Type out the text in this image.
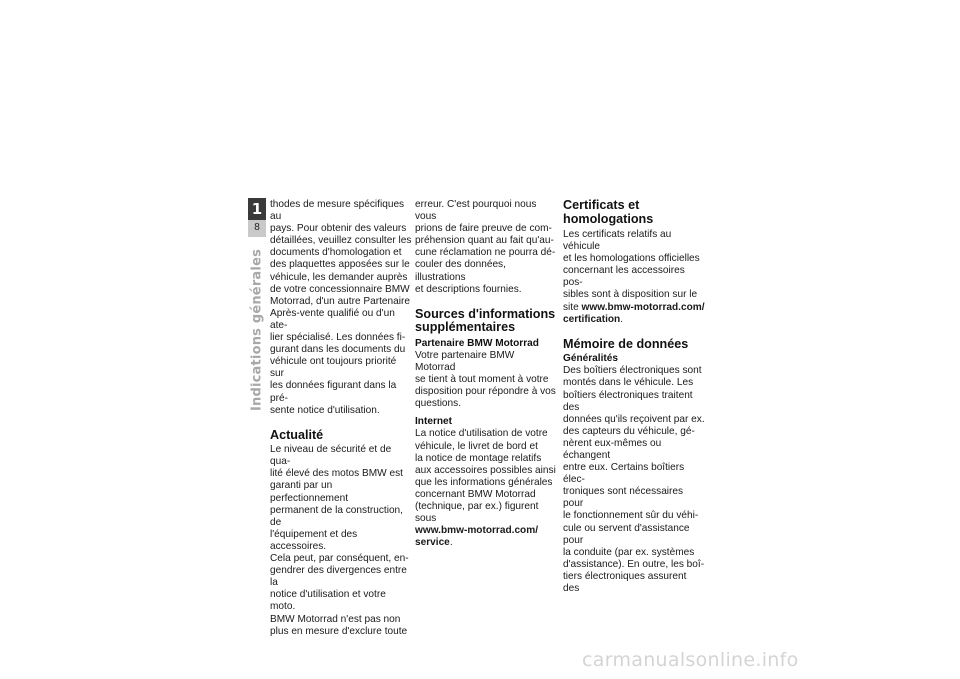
1
8
Indications générales

thodes de mesure spécifiques au
pays. Pour obtenir des valeurs
détaillées, veuillez consulter les
documents d'homologation et
des plaquettes apposées sur le
véhicule, les demander auprès
de votre concessionnaire BMW
Motorrad, d'un autre Partenaire
Après-vente qualifié ou d'un ate-
lier spécialisé. Les données fi-
gurant dans les documents du
véhicule ont toujours priorité sur
les données figurant dans la pré-
sente notice d'utilisation.

Actualité

Le niveau de sécurité et de qua-
lité élevé des motos BMW est
garanti par un perfectionnement
permanent de la construction, de
l'équipement et des accessoires.
Cela peut, par conséquent, en-
gendrer des divergences entre la
notice d'utilisation et votre moto.
BMW Motorrad n'est pas non
plus en mesure d'exclure toute

erreur. C'est pourquoi nous vous
prions de faire preuve de com-
préhension quant au fait qu'au-
cune réclamation ne pourra dé-
couler des données, illustrations
et descriptions fournies.

Sources d'informations
supplémentaires
Partenaire BMW Motorrad

Votre partenaire BMW Motorrad
se tient à tout moment à votre
disposition pour répondre à vos
questions.

Internet

La notice d'utilisation de votre
véhicule, le livret de bord et
la notice de montage relatifs
aux accessoires possibles ainsi
que les informations générales
concernant BMW Motorrad
(technique, par ex.) figurent sous
www.bmw-motorrad.com/
service.

Certificats et
homologations

Les certificats relatifs au véhicule
et les homologations officielles
concernant les accessoires pos-
sibles sont à disposition sur le
site www.bmw-motorrad.com/
certification.

Mémoire de données
Généralités

Des boîtiers électroniques sont
montés dans le véhicule. Les
boîtiers électroniques traitent des
données qu'ils reçoivent par ex.
des capteurs du véhicule, gé-
nèrent eux-mêmes ou échangent
entre eux. Certains boîtiers élec-
troniques sont nécessaires pour
le fonctionnement sûr du véhi-
cule ou servent d'assistance pour
la conduite (par ex. systèmes
d'assistance). En outre, les boî-
tiers électroniques assurent des

carmanualsonline.info
